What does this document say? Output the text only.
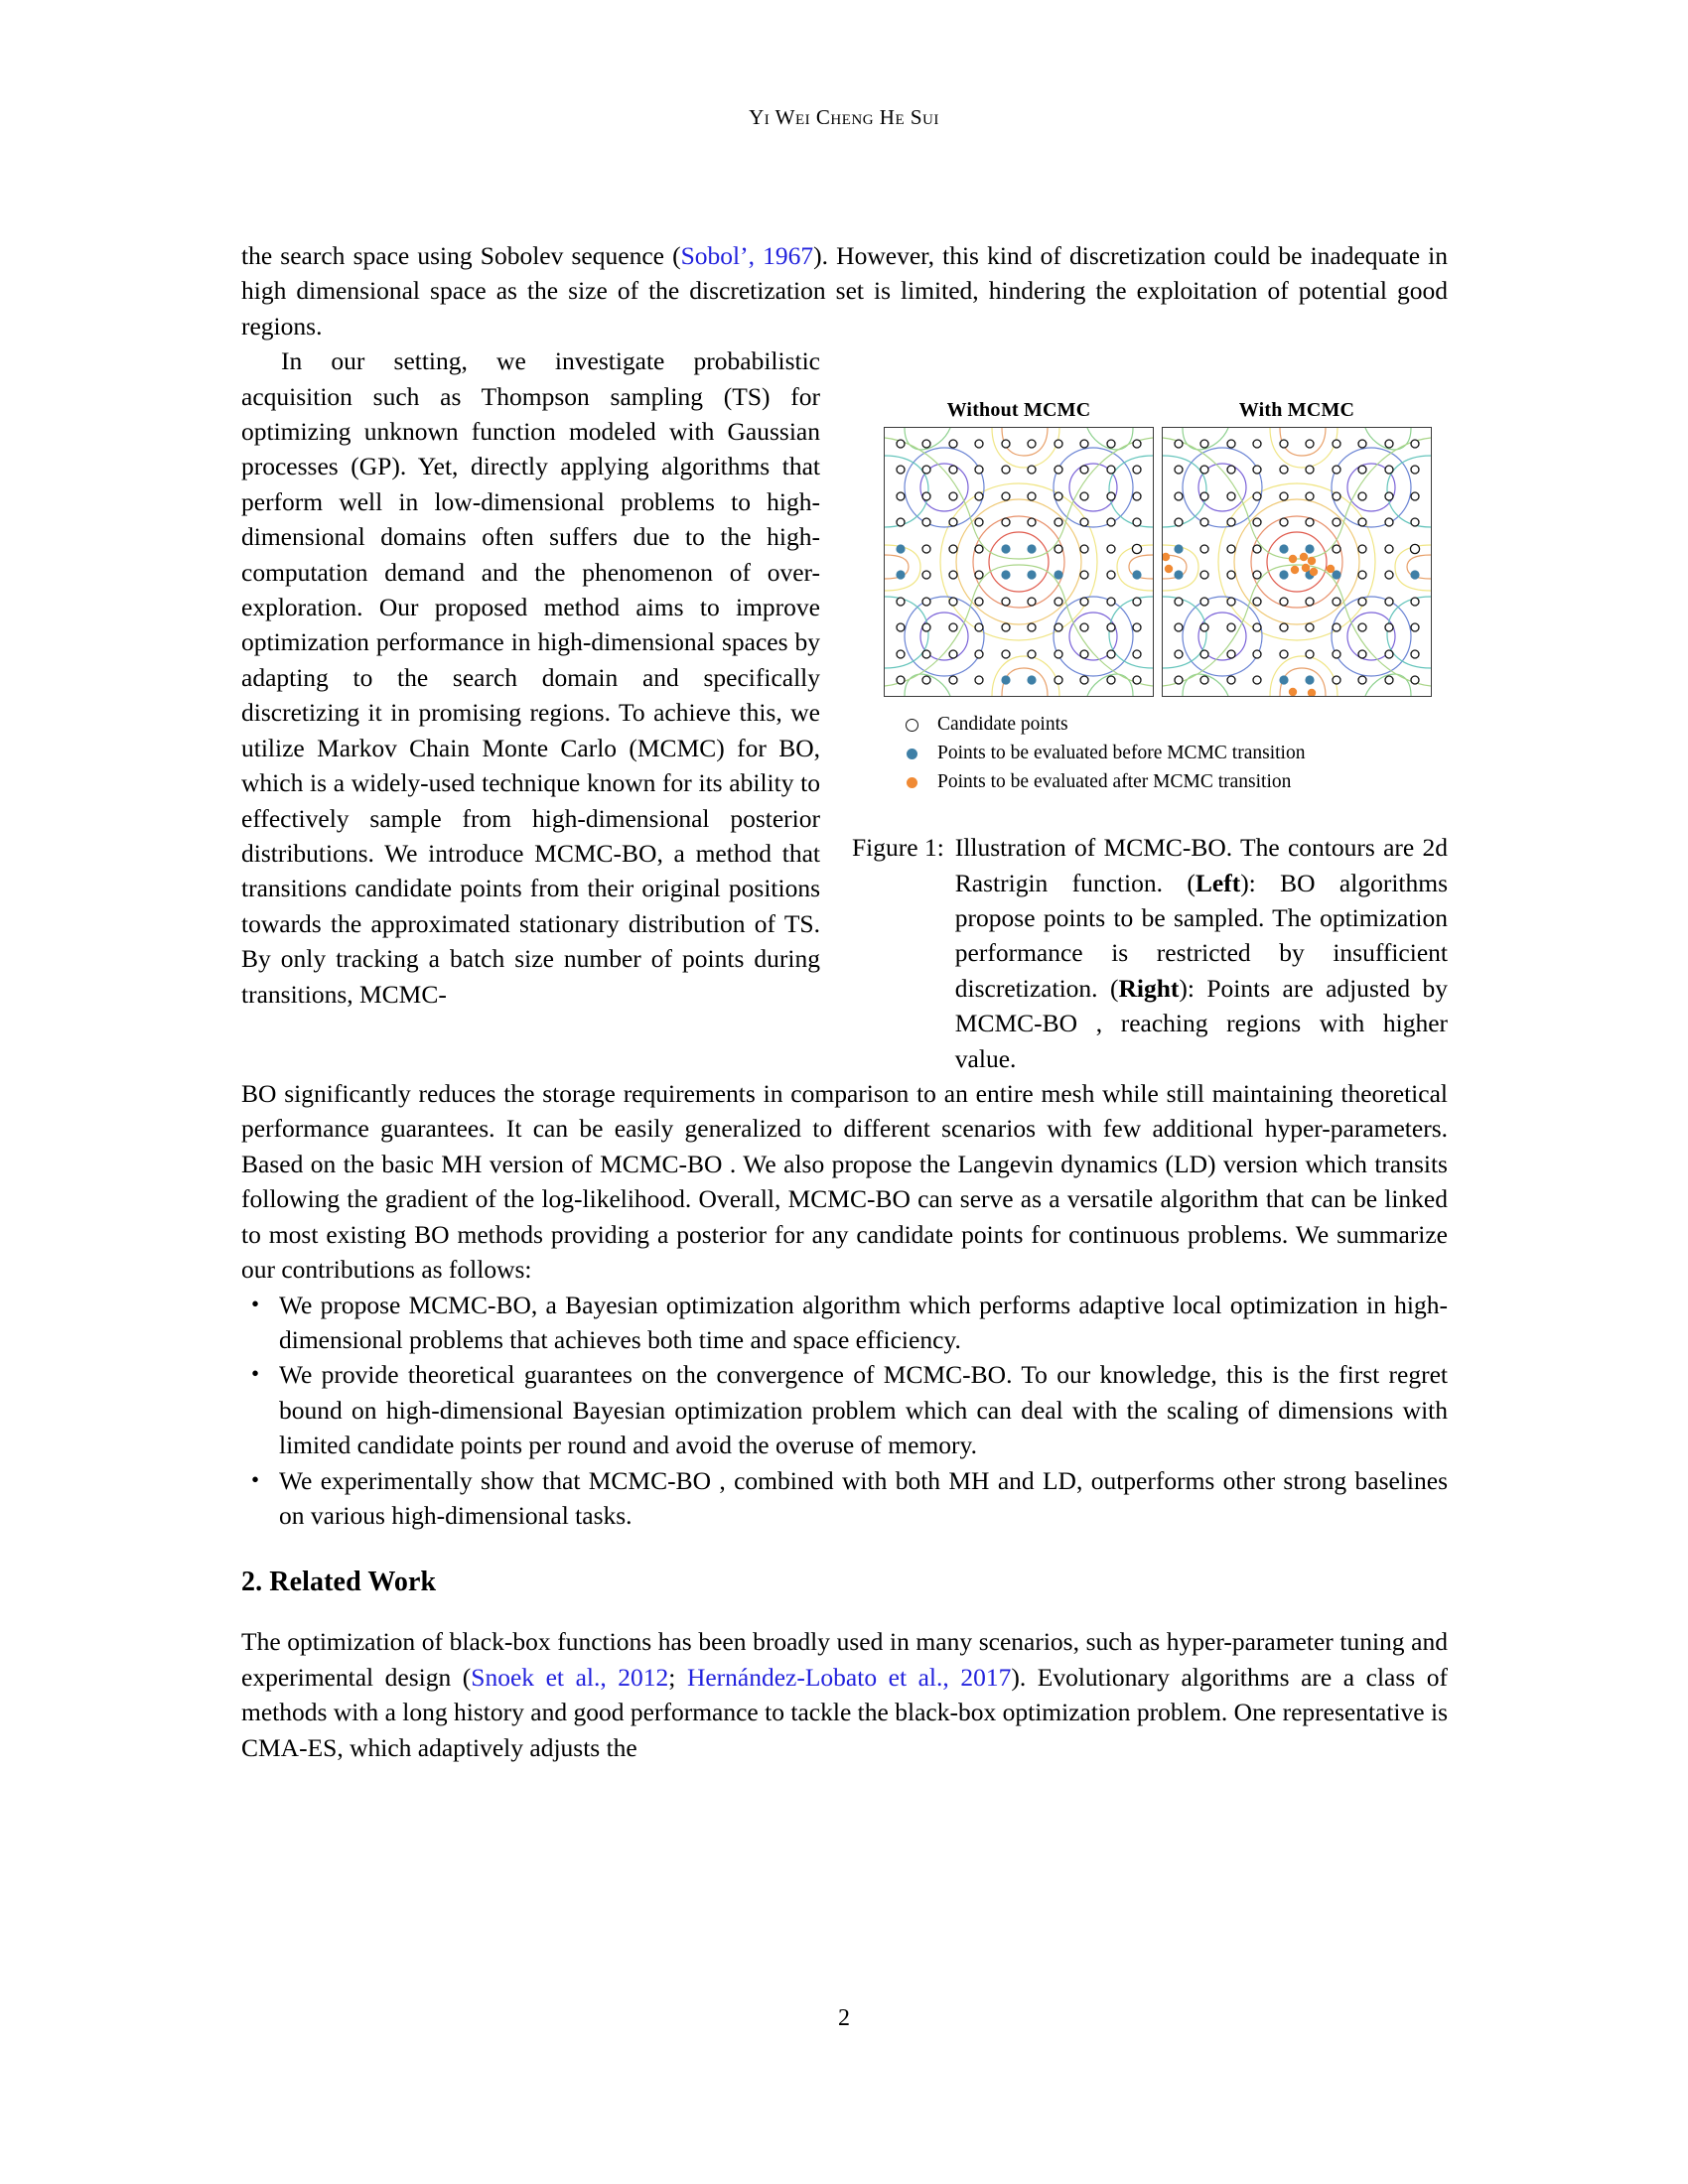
Yi Wei Cheng He Sui

the search space using Sobolev sequence (Sobol’, 1967). However, this kind of discretization could be inadequate in high dimensional space as the size of the discretization set is limited, hindering the exploitation of potential good regions.

Without MCMC	With MCMC
Candidate points
Points to be evaluated before MCMC transition
Points to be evaluated after MCMC transition
Figure 1: Illustration of MCMC-BO. The contours are 2d Rastrigin function. (Left): BO algorithms propose points to be sampled. The optimization performance is restricted by insufficient discretization. (Right): Points are adjusted by MCMC-BO , reaching regions with higher value.

In our setting, we investigate probabilistic acquisition such as Thompson sampling (TS) for optimizing unknown function modeled with Gaussian processes (GP). Yet, directly applying algorithms that perform well in low-dimensional problems to high-dimensional domains often suffers due to the high-computation demand and the phenomenon of over-exploration. Our proposed method aims to improve optimization performance in high-dimensional spaces by adapting to the search domain and specifically discretizing it in promising regions. To achieve this, we utilize Markov Chain Monte Carlo (MCMC) for BO, which is a widely-used technique known for its ability to effectively sample from high-dimensional posterior distributions. We introduce MCMC-BO, a method that transitions candidate points from their original positions towards the approximated stationary distribution of TS. By only tracking a batch size number of points during transitions, MCMC-

BO significantly reduces the storage requirements in comparison to an entire mesh while still maintaining theoretical performance guarantees. It can be easily generalized to different scenarios with few additional hyper-parameters. Based on the basic MH version of MCMC-BO . We also propose the Langevin dynamics (LD) version which transits following the gradient of the log-likelihood. Overall, MCMC-BO can serve as a versatile algorithm that can be linked to most existing BO methods providing a posterior for any candidate points for continuous problems. We summarize our contributions as follows:

• We propose MCMC-BO, a Bayesian optimization algorithm which performs adaptive local optimization in high-dimensional problems that achieves both time and space efficiency.
• We provide theoretical guarantees on the convergence of MCMC-BO. To our knowledge, this is the first regret bound on high-dimensional Bayesian optimization problem which can deal with the scaling of dimensions with limited candidate points per round and avoid the overuse of memory.
• We experimentally show that MCMC-BO , combined with both MH and LD, outperforms other strong baselines on various high-dimensional tasks.
2. Related Work

The optimization of black-box functions has been broadly used in many scenarios, such as hyper-parameter tuning and experimental design (Snoek et al., 2012; Hernández-Lobato et al., 2017). Evolutionary algorithms are a class of methods with a long history and good performance to tackle the black-box optimization problem. One representative is CMA-ES, which adaptively adjusts the

2
